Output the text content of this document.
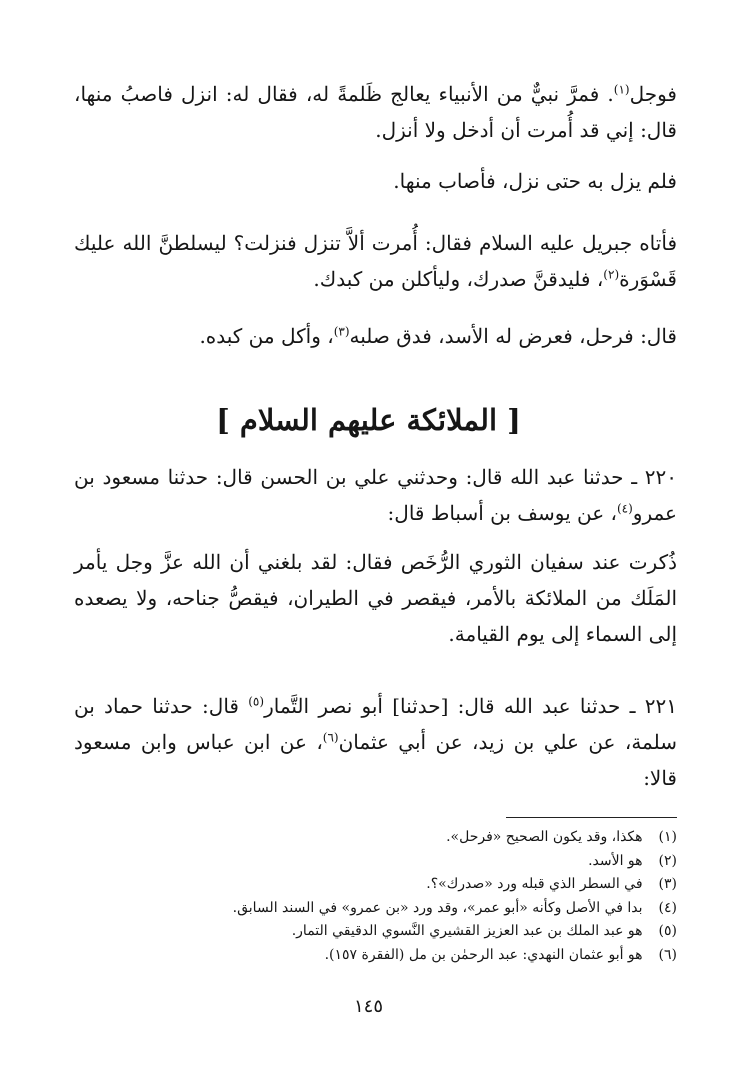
فوجل$^{(١)}$. فمرَّ نبيٌّ من الأنبياء يعالج ظَلمةً له، فقال له: انزل فاصبُ منها، قال: إني قد أُمرت أن أدخل ولا أنزل.

فلم يزل به حتى نزل، فأصاب منها.

فأتاه جبريل عليه السلام فقال: أُمرت ألاَّ تنزل فنزلت؟ ليسلطنَّ الله عليك قَسْوَرة$^{(٢)}$، فليدقنَّ صدرك، وليأكلن من كبدك.

قال: فرحل، فعرض له الأسد، فدق صلبه$^{(٣)}$، وأكل من كبده.

[ الملائكة عليهم السلام ]

٢٢٠ ـ حدثنا عبد الله قال: وحدثني علي بن الحسن قال: حدثنا مسعود بن عمرو$^{(٤)}$، عن يوسف بن أسباط قال:

ذُكرت عند سفيان الثوري الرُّخَص فقال: لقد بلغني أن الله عزَّ وجل يأمر المَلَك من الملائكة بالأمر، فيقصر في الطيران، فيقصُّ جناحه، ولا يصعده إلى السماء إلى يوم القيامة.

٢٢١ ـ حدثنا عبد الله قال: [حدثنا] أبو نصر التَّمار$^{(٥)}$ قال: حدثنا حماد بن سلمة، عن علي بن زيد، عن أبي عثمان$^{(٦)}$، عن ابن عباس وابن مسعود قالا:

(١) هكذا، وقد يكون الصحيح «فرحل».
(٢) هو الأسد.
(٣) في السطر الذي قبله ورد «صدرك»؟.
(٤) بدا في الأصل وكأنه «أبو عمر»، وقد ورد «بن عمرو» في السند السابق.
(٥) هو عبد الملك بن عبد العزيز القشيري النَّسوي الدقيقي التمار.
(٦) هو أبو عثمان النهدي: عبد الرحمٰن بن مل (الفقرة ١٥٧).
١٤٥
